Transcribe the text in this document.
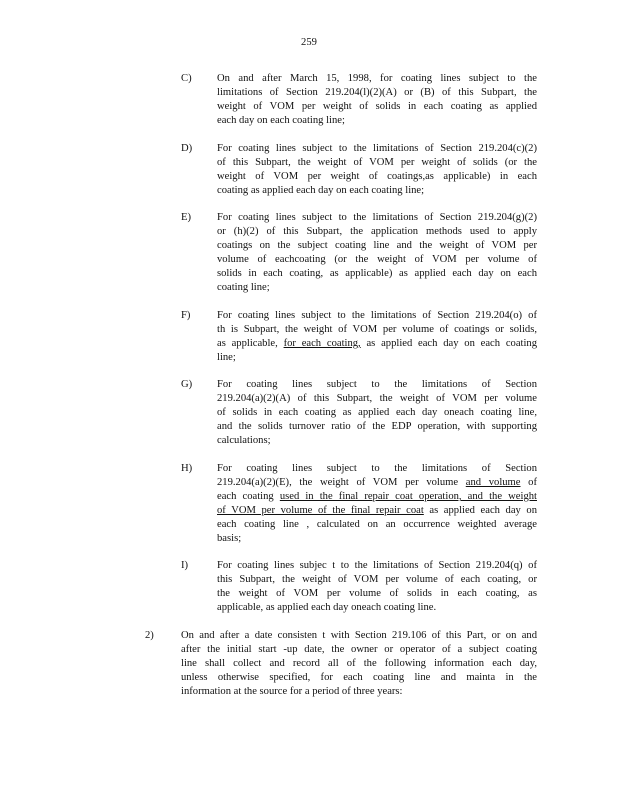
259
C) On and after March 15, 1998, for coating lines subject to the
limitations of Section 219.204(l)(2)(A) or (B) of this Subpart, the
weight of VOM per weight of solids in each coating as applied
each day on each coating line;
D) For coating lines subject to the limitations of Section 219.204(c)(2)
of this Subpart, the weight of VOM per weight of solids (or the
weight of VOM per weight of coatings,as applicable) in each
coating as applied each day on each coating line;
E) For coating lines subject to the limitations of Section 219.204(g)(2)
or (h)(2) of this Subpart, the application methods used to apply
coatings on the subject coating line and the weight of VOM per
volume of eachcoating (or the weight of VOM per volume of
solids in each coating, as applicable) as applied each day on each
coating line;
F)	For coating lines subject to the limitations of Section 219.204(o) of
th is Subpart, the weight of VOM per volume of coatings or solids,
as applicable, for each coating, as applied each day on each coating
line;
G) For coating lines subject to the limitations of Section
219.204(a)(2)(A) of this Subpart, the weight of VOM per volume
of solids in each coating as applied each day oneach coating line,
and the solids turnover ratio of the EDP operation, with supporting
calculations;
H) For coating lines subject to the limitations of Section
219.204(a)(2)(E), the weight of VOM per volume and volume of
each coating used in the final repair coat operation, and the weight
of VOM per volume of the final repair coat as applied each day on
each coating line , calculated on an occurrence weighted average
basis;
I)	For coating lines subjec t to the limitations of Section 219.204(q) of
this Subpart, the weight of VOM per volume of each coating, or
the weight of VOM per volume of solids in each coating, as
applicable, as applied each day oneach coating line.
2)	On and after a date consisten t with Section 219.106 of this Part, or on and
after the initial start -up date, the owner or operator of a subject coating
line shall collect and record all of the following information each day,
unless otherwise specified, for each coating line and mainta in the
information at the source for a period of three years:
